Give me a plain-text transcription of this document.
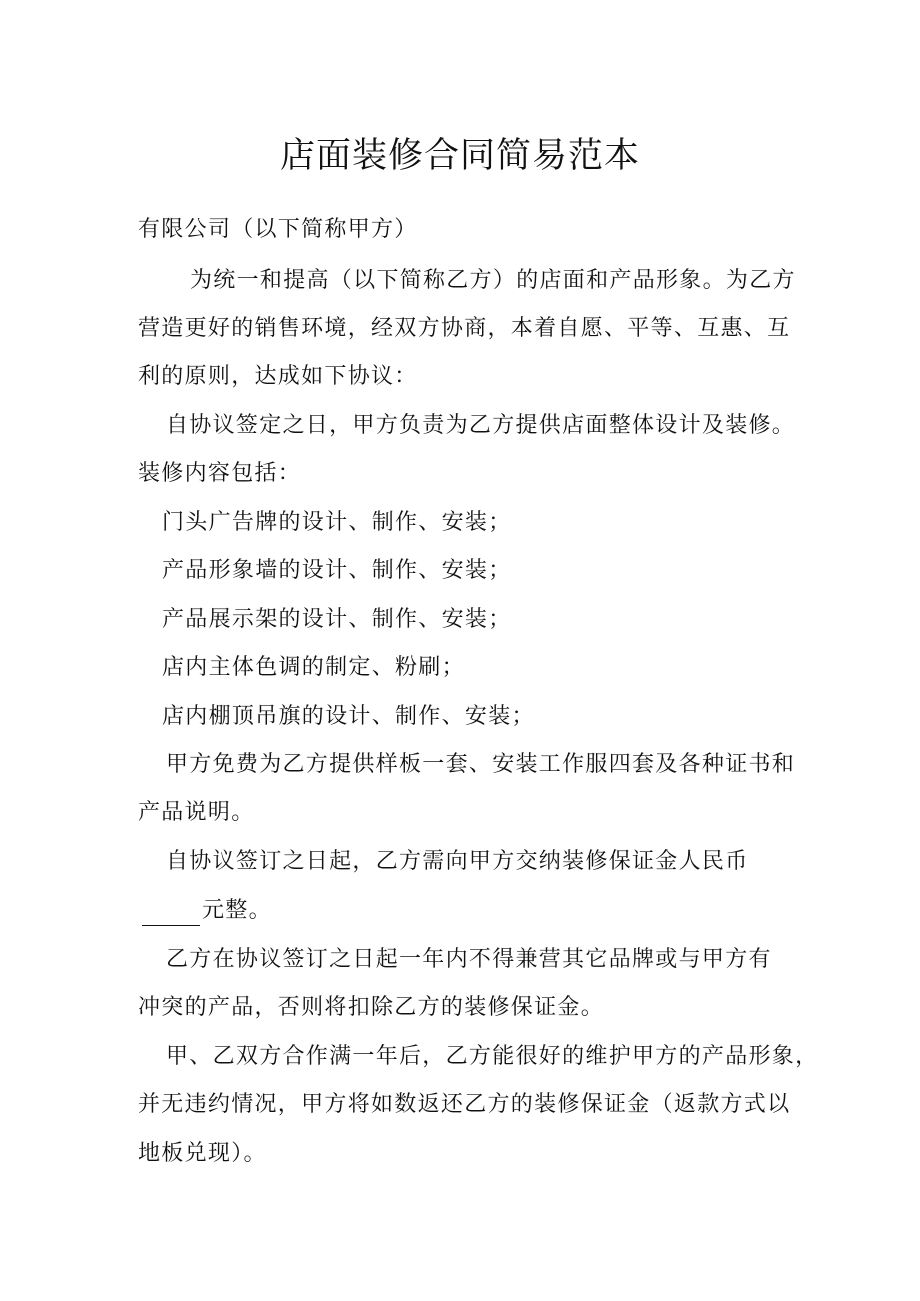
店面装修合同简易范本
有限公司（以下简称甲方）
为统一和提高（以下简称乙方）的店面和产品形象。为乙方
营造更好的销售环境，经双方协商，本着自愿、平等、互惠、互
利的原则，达成如下协议：
自协议签定之日，甲方负责为乙方提供店面整体设计及装修。
装修内容包括：
门头广告牌的设计、制作、安装；
产品形象墙的设计、制作、安装；
产品展示架的设计、制作、安装；
店内主体色调的制定、粉刷；
店内棚顶吊旗的设计、制作、安装；
甲方免费为乙方提供样板一套、安装工作服四套及各种证书和
产品说明。
自协议签订之日起，乙方需向甲方交纳装修保证金人民币
元整。
乙方在协议签订之日起一年内不得兼营其它品牌或与甲方有
冲突的产品，否则将扣除乙方的装修保证金。
甲、乙双方合作满一年后，乙方能很好的维护甲方的产品形象，
并无违约情况，甲方将如数返还乙方的装修保证金（返款方式以
地板兑现）。
